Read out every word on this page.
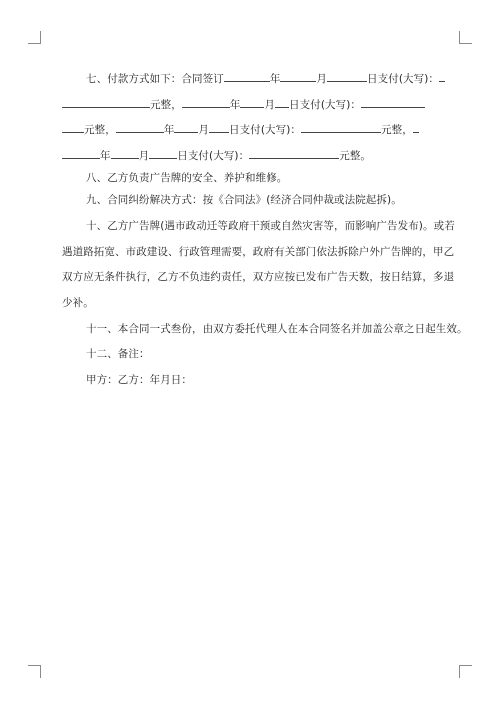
七、付款方式如下：合同签订	年	月	日支付(大写)：
元整，	年 月 日支付(大写)：
元整，	年 月 日支付(大写)：	元整，
年	月	日支付(大写)：	元整。
八、乙方负责广告牌的安全、养护和维修。
九、合同纠纷解决方式：按《合同法》(经济合同仲裁或法院起拆)。
十、乙方广告牌(遇市政动迁等政府干预或自然灾害等，而影响广告发布)。或若
遇道路拓宽、市政建设、行政管理需要，政府有关部门依法拆除户外广告牌的，甲乙
双方应无条件执行，乙方不负违约责任，双方应按已发布广告天数，按日结算，多退
少补。
十一、本合同一式叁份，由双方委托代理人在本合同签名并加盖公章之日起生效。
十二、备注：
甲方：乙方：年月日：
